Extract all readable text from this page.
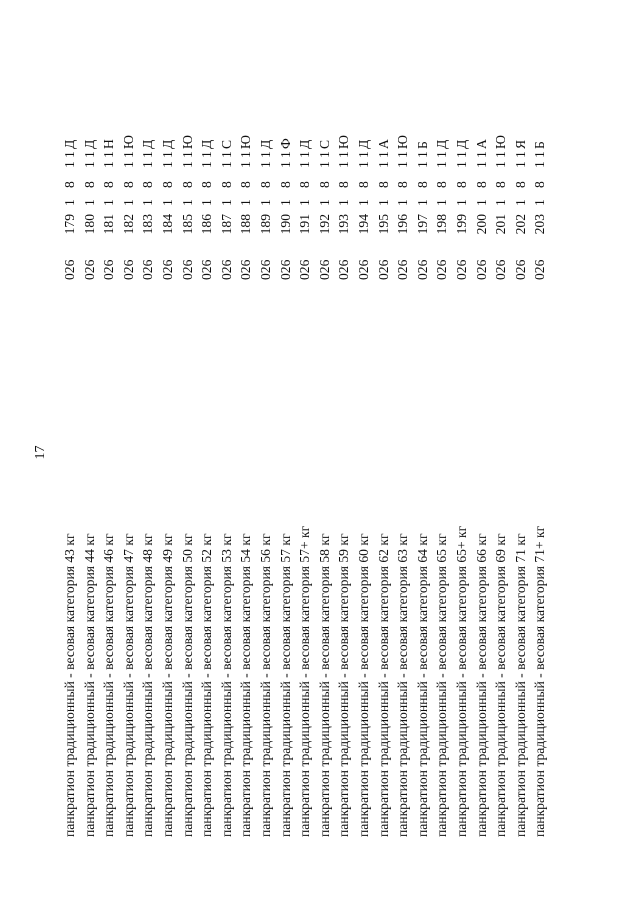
17
панкратион традиционный - весовая категория 43 кг
026
179
1
8
1
1
Д
панкратион традиционный - весовая категория 44 кг
026
180
1
8
1
1
Д
панкратион традиционный - весовая категория 46 кг
026
181
1
8
1
1
Н
панкратион традиционный - весовая категория 47 кг
026
182
1
8
1
1
Ю
панкратион традиционный - весовая категория 48 кг
026
183
1
8
1
1
Д
панкратион традиционный - весовая категория 49 кг
026
184
1
8
1
1
Д
панкратион традиционный - весовая категория 50 кг
026
185
1
8
1
1
Ю
панкратион традиционный - весовая категория 52 кг
026
186
1
8
1
1
Д
панкратион традиционный - весовая категория 53 кг
026
187
1
8
1
1
С
панкратион традиционный - весовая категория 54 кг
026
188
1
8
1
1
Ю
панкратион традиционный - весовая категория 56 кг
026
189
1
8
1
1
Д
панкратион традиционный - весовая категория 57 кг
026
190
1
8
1
1
Ф
панкратион традиционный - весовая категория 57+ кг
026
191
1
8
1
1
Д
панкратион традиционный - весовая категория 58 кг
026
192
1
8
1
1
С
панкратион традиционный - весовая категория 59 кг
026
193
1
8
1
1
Ю
панкратион традиционный - весовая категория 60 кг
026
194
1
8
1
1
Д
панкратион традиционный - весовая категория 62 кг
026
195
1
8
1
1
А
панкратион традиционный - весовая категория 63 кг
026
196
1
8
1
1
Ю
панкратион традиционный - весовая категория 64 кг
026
197
1
8
1
1
Б
панкратион традиционный - весовая категория 65 кг
026
198
1
8
1
1
Д
панкратион традиционный - весовая категория 65+ кг
026
199
1
8
1
1
Д
панкратион традиционный - весовая категория 66 кг
026
200
1
8
1
1
А
панкратион традиционный - весовая категория 69 кг
026
201
1
8
1
1
Ю
панкратион традиционный - весовая категория 71 кг
026
202
1
8
1
1
Я
панкратион традиционный - весовая категория 71+ кг
026
203
1
8
1
1
Б
